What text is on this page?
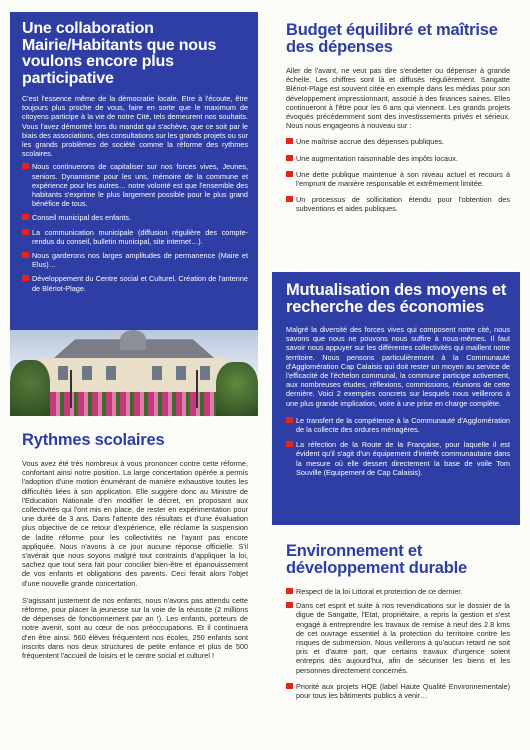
Une collaboration Mairie/Habitants que nous voulons encore plus participative

C'est l'essence même de la démocratie locale. Etre à l'écoute, être toujours plus proche de vous, faire en sorte que le maximum de citoyens participe à la vie de notre Cité, tels demeurent nos souhaits. Vous l'avez démontré lors du mandat qui s'achève, que ce soit par le biais des associations, des consultations sur les grands projets ou sur les grands problèmes de société comme la réforme des rythmes scolaires.

Nous continuerons de capitaliser sur nos forces vives, Jeunes, seniors. Dynamisme pour les uns, mémoire de la commune et expérience pour les autres… notre volonté est que l'ensemble des habitants s'exprime le plus largement possible pour le plus grand bénéfice de tous.

Conseil municipal des enfants.

La communication municipale (diffusion régulière des compte-rendus du conseil, bulletin municipal, site internet…).

Nous garderons nos larges amplitudes de permanence (Maire et Elus)…

Développement du Centre social et Culturel. Création de l'antenne de Blériot-Plage.

Budget équilibré et maîtrise des dépenses

Aller de l'avant, ne veut pas dire s'endetter ou dépenser à grande échelle. Les chiffres sont là et diffusés régulièrement. Sangatte Blériot-Plage est souvent citée en exemple dans les médias pour son développement impressionnant, associé à des finances saines. Elles continueront à l'être pour les 6 ans qui viennent. Les grands projets évoqués précédemment sont des investissements privés et sérieux. Nous nous engageons à nouveau sur :

Une maîtrise accrue des dépenses publiques.

Une augmentation raisonnable des impôts locaux.

Une dette publique maintenue à son niveau actuel et recours à l'emprunt de manière responsable et extrêmement limitée.

Un processus de sollicitation étendu pour l'obtention des subventions et aides publiques.

Mutualisation des moyens et recherche des économies

Malgré la diversité des forces vives qui composent notre cité, nous savons que nous ne pouvons nous suffire à nous-mêmes. Il faut savoir nous appuyer sur les différentes collectivités qui maillent notre territoire. Nous pensons particulièrement à la Communauté d'Agglomération Cap Calaisis qui doit rester un moyen au service de l'efficacité de l'échelon communal, la commune participe activement, aux nombreuses études, réflexions, commissions, réunions de cette dernière. Voici 2 exemples concrets sur lesquels nous veillerons à une plus grande implication, voire à une prise en charge complète.

Le transfert de la compétence à la Communauté d'Agglomération de la collecte des ordures ménagères.

La réfection de la Route de la Française, pour laquelle il est évident qu'il s'agit d'un équipement d'intérêt communautaire dans la mesure où elle dessert directement la base de voile Tom Souville (Equipement de Cap Calaisis).

Rythmes scolaires

Vous avez été très nombreux à vous prononcer contre cette réforme, confortant ainsi notre position. La large concertation opérée a permis l'adoption d'une motion énumérant de manière exhaustive toutes les difficultés liées à son application. Elle suggère donc au Ministre de l'Education Nationale d'en modifier le décret, en proposant aux collectivités qui l'ont mis en place, de rester en expérimentation pour une durée de 3 ans. Dans l'attente des résultats et d'une évaluation plus objective de ce retour d'expérience, elle réclame la suspension de ladite réforme pour les collectivités ne l'ayant pas encore appliquée. Nous n'avons à ce jour aucune réponse officielle. S'il s'avérait que nous soyons malgré tout contraints d'appliquer la loi, sachez que tout sera fait pour concilier bien-être et épanouissement de vos enfants et obligations des parents. Ceci ferait alors l'objet d'une nouvelle grande concertation.

S'agissant justement de nos enfants, nous n'avons pas attendu cette réforme, pour placer la jeunesse sur la voie de la réussite (2 millions de dépenses de fonctionnement par an !). Les enfants, porteurs de notre avenir, sont au cœur de nos préoccupations. Et il continuera d'en être ainsi. 560 élèves fréquentent nos écoles, 250 enfants sont inscrits dans nos deux structures de petite enfance et plus de 500 fréquentent l'accueil de loisirs et le centre social et culturel !

Environnement et développement durable

Respect de la loi Littoral et protection de ce dernier.

Dans cet esprit et suite à nos revendications sur le dossier de la digue de Sangatte, l'Etat, propriétaire, a repris la gestion et s'est engagé à entreprendre les travaux de remise à neuf des 2.8 kms de cet ouvrage essentiel à la protection du territoire contre les risques de submersion. Nous veillerons à qu'aucun retard ne soit pris et d'autre part, que certains travaux d'urgence soient entrepris dès aujourd'hui, afin de sécuriser les biens et les personnes directement concernés.

Priorité aux projets HQE (label Haute Qualité Environnementale) pour tous les bâtiments publics à venir…
